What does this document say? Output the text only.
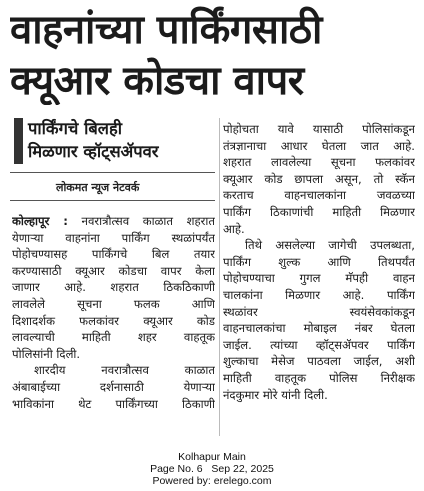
वाहनांच्या पार्किंगसाठी
क्यूआर कोडचा वापर
पार्किंगचे बिलही
मिळणार व्हॉट्सॲपवर
लोकमत न्यूज नेटवर्क
कोल्हापूर : नवरात्रौत्सव काळात शहरात
येणाऱ्या वाहनांना पार्किंग स्थळांपर्यंत
पोहोचण्यासह पार्किंगचे बिल तयार
करण्यासाठी क्यूआर कोडचा वापर केला
जाणार आहे. शहरात ठिकठिकाणी
लावलेले सूचना फलक आणि
दिशादर्शक फलकांवर क्यूआर कोड
लावल्याची माहिती शहर वाहतूक
पोलिसांनी दिली.
शारदीय नवरात्रौत्सव काळात
अंबाबाईच्या दर्शनासाठी येणाऱ्या
भाविकांना थेट पार्किंगच्या ठिकाणी
पोहोचता यावे यासाठी पोलिसांकडून
तंत्रज्ञानाचा आधार घेतला जात आहे.
शहरात लावलेल्या सूचना फलकांवर
क्यूआर कोड छापला असून, तो स्कॅन
करताच वाहनचालकांना जवळच्या
पार्किंग ठिकाणांची माहिती मिळणार
आहे.
तिथे असलेल्या जागेची उपलब्धता,
पार्किंग शुल्क आणि तिथपर्यंत
पोहोचण्याचा गुगल मॅपही वाहन
चालकांना मिळणार आहे. पार्किंग
स्थळांवर स्वयंसेवकांकडून
वाहनचालकांचा मोबाइल नंबर घेतला
जाईल. त्यांच्या व्हॉट्सॲपवर पार्किंग
शुल्काचा मेसेज पाठवला जाईल, अशी
माहिती वाहतूक पोलिस निरीक्षक
नंदकुमार मोरे यांनी दिली.
Kolhapur Main
Page No. 6 Sep 22, 2025
Powered by: erelego.com
